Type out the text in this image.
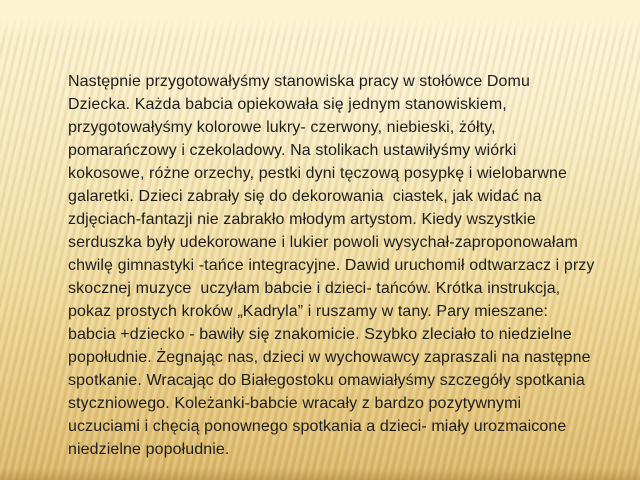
Następnie przygotowałyśmy stanowiska pracy w stołówce Domu
Dziecka. Każda babcia opiekowała się jednym stanowiskiem,
przygotowałyśmy kolorowe lukry- czerwony, niebieski, żółty,
pomarańczowy i czekoladowy. Na stolikach ustawiłyśmy wiórki
kokosowe, różne orzechy, pestki dyni tęczową posypkę i wielobarwne
galaretki. Dzieci zabrały się do dekorowania  ciastek, jak widać na
zdjęciach-fantazji nie zabrakło młodym artystom. Kiedy wszystkie
serduszka były udekorowane i lukier powoli wysychał-zaproponowałam
chwilę gimnastyki -tańce integracyjne. Dawid uruchomił odtwarzacz i przy
skocznej muzyce  uczyłam babcie i dzieci- tańców. Krótka instrukcja,
pokaz prostych kroków „Kadryla” i ruszamy w tany. Pary mieszane:
babcia +dziecko - bawiły się znakomicie. Szybko zleciało to niedzielne
popołudnie. Żegnając nas, dzieci w wychowawcy zapraszali na następne
spotkanie. Wracając do Białegostoku omawiałyśmy szczegóły spotkania
styczniowego. Koleżanki-babcie wracały z bardzo pozytywnymi
uczuciami i chęcią ponownego spotkania a dzieci- miały urozmaicone
niedzielne popołudnie.
